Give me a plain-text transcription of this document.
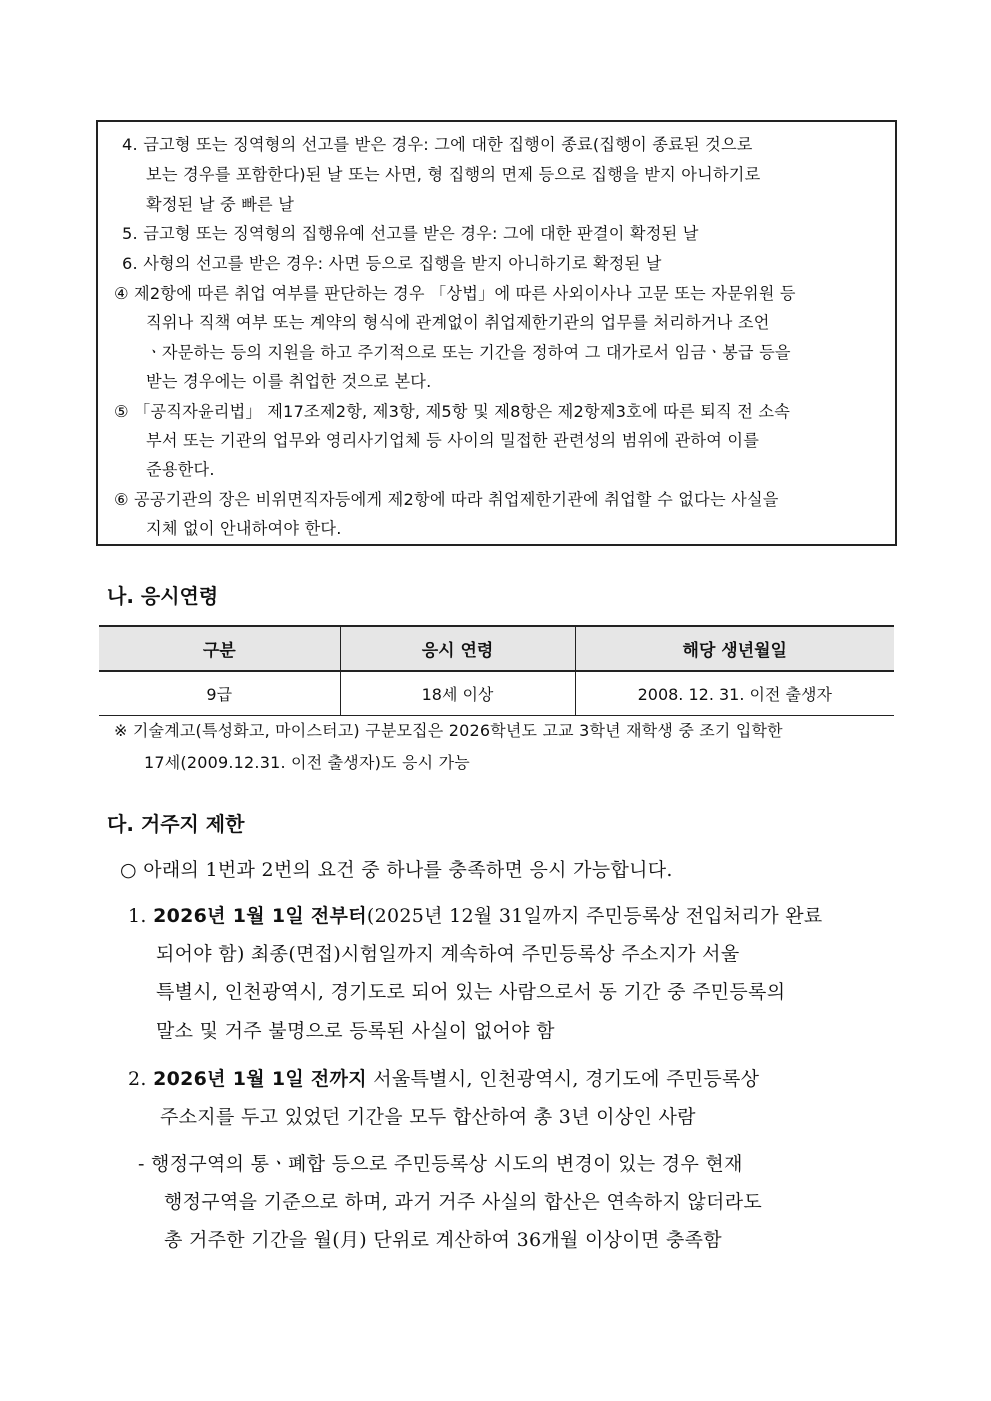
4. 금고형 또는 징역형의 선고를 받은 경우: 그에 대한 집행이 종료(집행이 종료된 것으로
보는 경우를 포함한다)된 날 또는 사면, 형 집행의 면제 등으로 집행을 받지 아니하기로
확정된 날 중 빠른 날
5. 금고형 또는 징역형의 집행유예 선고를 받은 경우: 그에 대한 판결이 확정된 날
6. 사형의 선고를 받은 경우: 사면 등으로 집행을 받지 아니하기로 확정된 날
④ 제2항에 따른 취업 여부를 판단하는 경우 「상법」에 따른 사외이사나 고문 또는 자문위원 등
직위나 직책 여부 또는 계약의 형식에 관계없이 취업제한기관의 업무를 처리하거나 조언
ㆍ자문하는 등의 지원을 하고 주기적으로 또는 기간을 정하여 그 대가로서 임금ㆍ봉급 등을
받는 경우에는 이를 취업한 것으로 본다.
⑤ 「공직자윤리법」 제17조제2항, 제3항, 제5항 및 제8항은 제2항제3호에 따른 퇴직 전 소속
부서 또는 기관의 업무와 영리사기업체 등 사이의 밀접한 관련성의 범위에 관하여 이를
준용한다.
⑥ 공공기관의 장은 비위면직자등에게 제2항에 따라 취업제한기관에 취업할 수 없다는 사실을
지체 없이 안내하여야 한다.
나. 응시연령
구분	응시 연령	해당 생년월일
9급	18세 이상	2008. 12. 31. 이전 출생자
※ 기술계고(특성화고, 마이스터고) 구분모집은 2026학년도 고교 3학년 재학생 중 조기 입학한
17세(2009.12.31. 이전 출생자)도 응시 가능
다. 거주지 제한
○ 아래의 1번과 2번의 요건 중 하나를 충족하면 응시 가능합니다.
1. 2026년 1월 1일 전부터(2025년 12월 31일까지 주민등록상 전입처리가 완료
되어야 함) 최종(면접)시험일까지 계속하여 주민등록상 주소지가 서울
특별시, 인천광역시, 경기도로 되어 있는 사람으로서 동 기간 중 주민등록의
말소 및 거주 불명으로 등록된 사실이 없어야 함
2. 2026년 1월 1일 전까지 서울특별시, 인천광역시, 경기도에 주민등록상
주소지를 두고 있었던 기간을 모두 합산하여 총 3년 이상인 사람
- 행정구역의 통ㆍ폐합 등으로 주민등록상 시도의 변경이 있는 경우 현재
행정구역을 기준으로 하며, 과거 거주 사실의 합산은 연속하지 않더라도
총 거주한 기간을 월(月) 단위로 계산하여 36개월 이상이면 충족함
